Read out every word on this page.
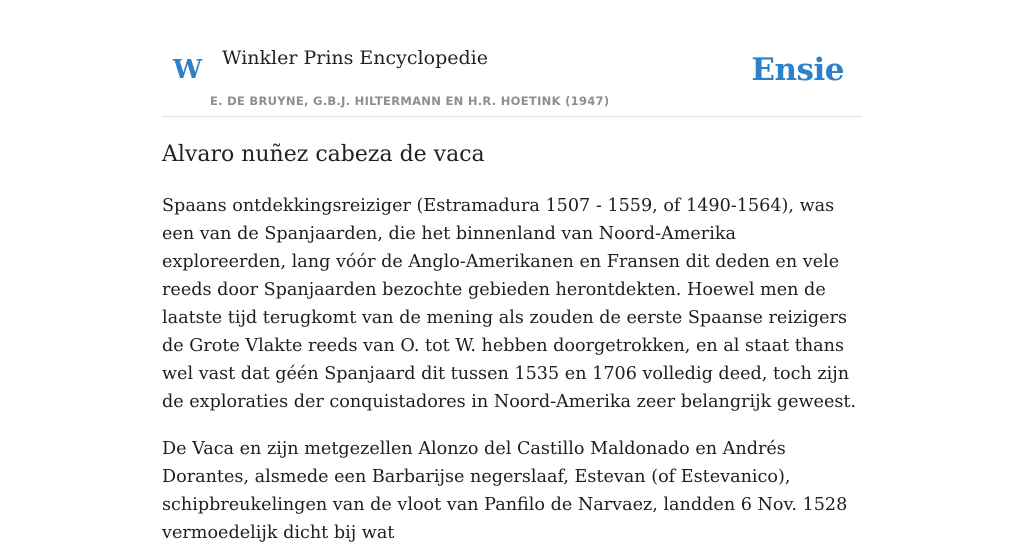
W Winkler Prins Encyclopedie
E. DE BRUYNE, G.B.J. HILTERMANN EN H.R. HOETINK (1947)
Ensie
Alvaro nuñez cabeza de vaca

Spaans ontdekkingsreiziger (Estramadura 1507 - 1559, of 1490-1564), was een van de Spanjaarden, die het binnenland van Noord-Amerika exploreerden, lang vóór de Anglo-Amerikanen en Fransen dit deden en vele reeds door Spanjaarden bezochte gebieden herontdekten. Hoewel men de laatste tijd terugkomt van de mening als zouden de eerste Spaanse reizigers de Grote Vlakte reeds van O. tot W. hebben doorgetrokken, en al staat thans wel vast dat géén Spanjaard dit tussen 1535 en 1706 volledig deed, toch zijn de exploraties der conquistadores in Noord-Amerika zeer belangrijk geweest.

De Vaca en zijn metgezellen Alonzo del Castillo Maldonado en Andrés Dorantes, alsmede een Barbarijse negerslaaf, Estevan (of Estevanico), schipbreukelingen van de vloot van Panfilo de Narvaez, landden 6 Nov. 1528 vermoedelijk dicht bij wat
